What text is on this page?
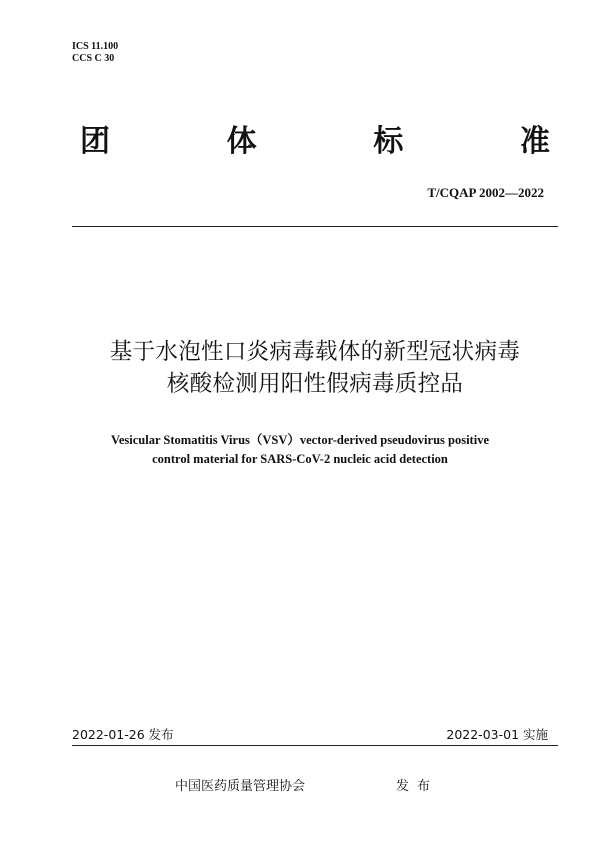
ICS 11.100
CCS C 30
团	体	标	准
T/CQAP 2002—2022
基于水泡性口炎病毒载体的新型冠状病毒
核酸检测用阳性假病毒质控品
Vesicular Stomatitis Virus（VSV）vector-derived pseudovirus positive
control material for SARS-CoV-2 nucleic acid detection
2022-01-26 发布	2022-03-01 实施
中国医药质量管理协会	发布
